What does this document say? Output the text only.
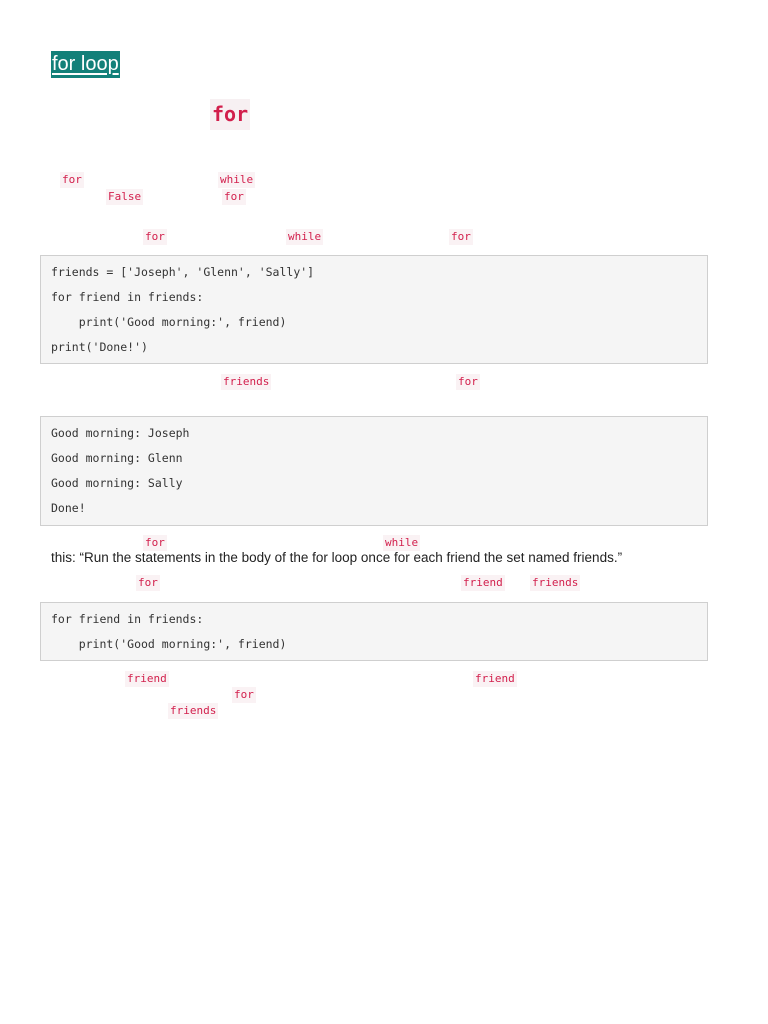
for loop
for
for	while
False	for
for	while	for
friends = ['Joseph', 'Glenn', 'Sally']
for friend in friends:
print('Good morning:', friend)
print('Done!')
friends	for
Good morning: Joseph
Good morning: Glenn
Good morning: Sally
Done!
for	while
this: “Run the statements in the body of the for loop once for each friend the set named friends.”
for	friend	friends
for friend in friends:
print('Good morning:', friend)
friend	friend
for
friends
